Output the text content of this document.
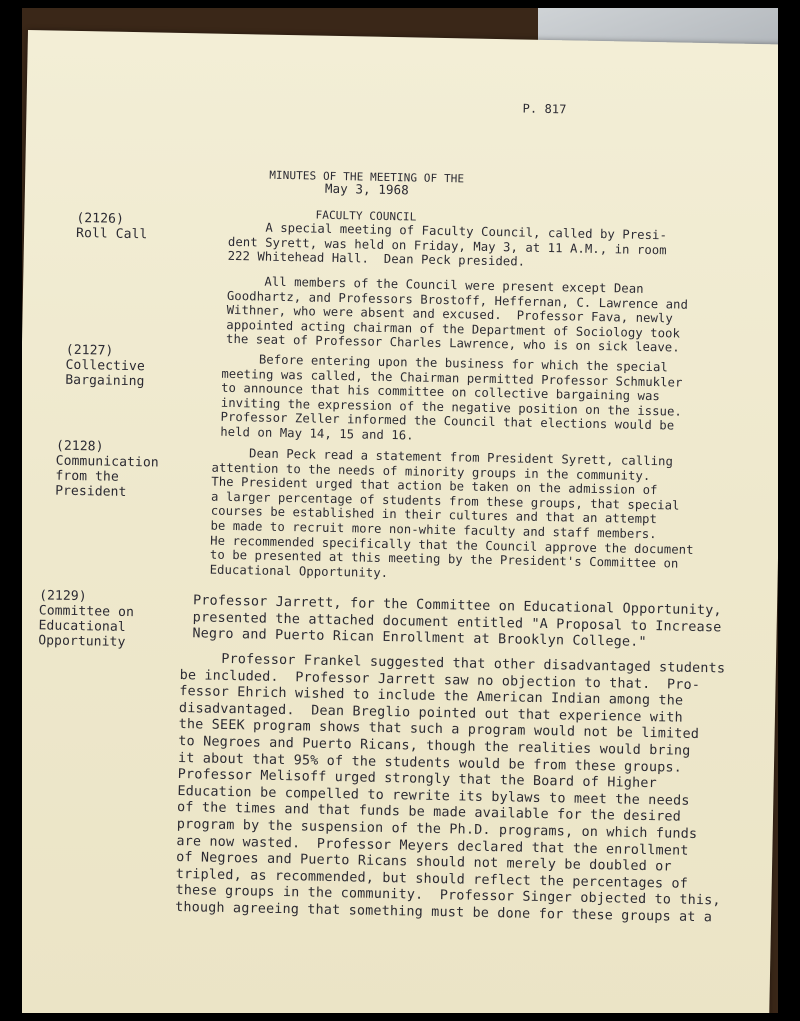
P. 817

MINUTES OF THE MEETING OF THE

FACULTY COUNCIL

May 3, 1968
(2126)
Roll Call	A special meeting of Faculty Council, called by Presi-
dent Syrett, was held on Friday, May 3, at 11 A.M., in room
222 Whitehead Hall.  Dean Peck presided.
All members of the Council were present except Dean
Goodhartz, and Professors Brostoff, Heffernan, C. Lawrence and
Withner, who were absent and excused.  Professor Fava, newly
appointed acting chairman of the Department of Sociology took
the seat of Professor Charles Lawrence, who is on sick leave.
(2127)
Collective
Bargaining
Before entering upon the business for which the special
meeting was called, the Chairman permitted Professor Schmukler
to announce that his committee on collective bargaining was
inviting the expression of the negative position on the issue.
Professor Zeller informed the Council that elections would be
held on May 14, 15 and 16.
(2128)
Communication
from the
President
Dean Peck read a statement from President Syrett, calling
attention to the needs of minority groups in the community.
The President urged that action be taken on the admission of
a larger percentage of students from these groups, that special
courses be established in their cultures and that an attempt
be made to recruit more non-white faculty and staff members.
He recommended specifically that the Council approve the document
to be presented at this meeting by the President's Committee on
Educational Opportunity.
(2129)
Committee on
Educational
Opportunity
Professor Jarrett, for the Committee on Educational Opportunity,
presented the attached document entitled "A Proposal to Increase
Negro and Puerto Rican Enrollment at Brooklyn College."
Professor Frankel suggested that other disadvantaged students
be included.  Professor Jarrett saw no objection to that.  Pro-
fessor Ehrich wished to include the American Indian among the
disadvantaged.  Dean Breglio pointed out that experience with
the SEEK program shows that such a program would not be limited
to Negroes and Puerto Ricans, though the realities would bring
it about that 95% of the students would be from these groups.
Professor Melisoff urged strongly that the Board of Higher
Education be compelled to rewrite its bylaws to meet the needs
of the times and that funds be made available for the desired
program by the suspension of the Ph.D. programs, on which funds
are now wasted.  Professor Meyers declared that the enrollment
of Negroes and Puerto Ricans should not merely be doubled or
tripled, as recommended, but should reflect the percentages of
these groups in the community.  Professor Singer objected to this,
though agreeing that something must be done for these groups at a
